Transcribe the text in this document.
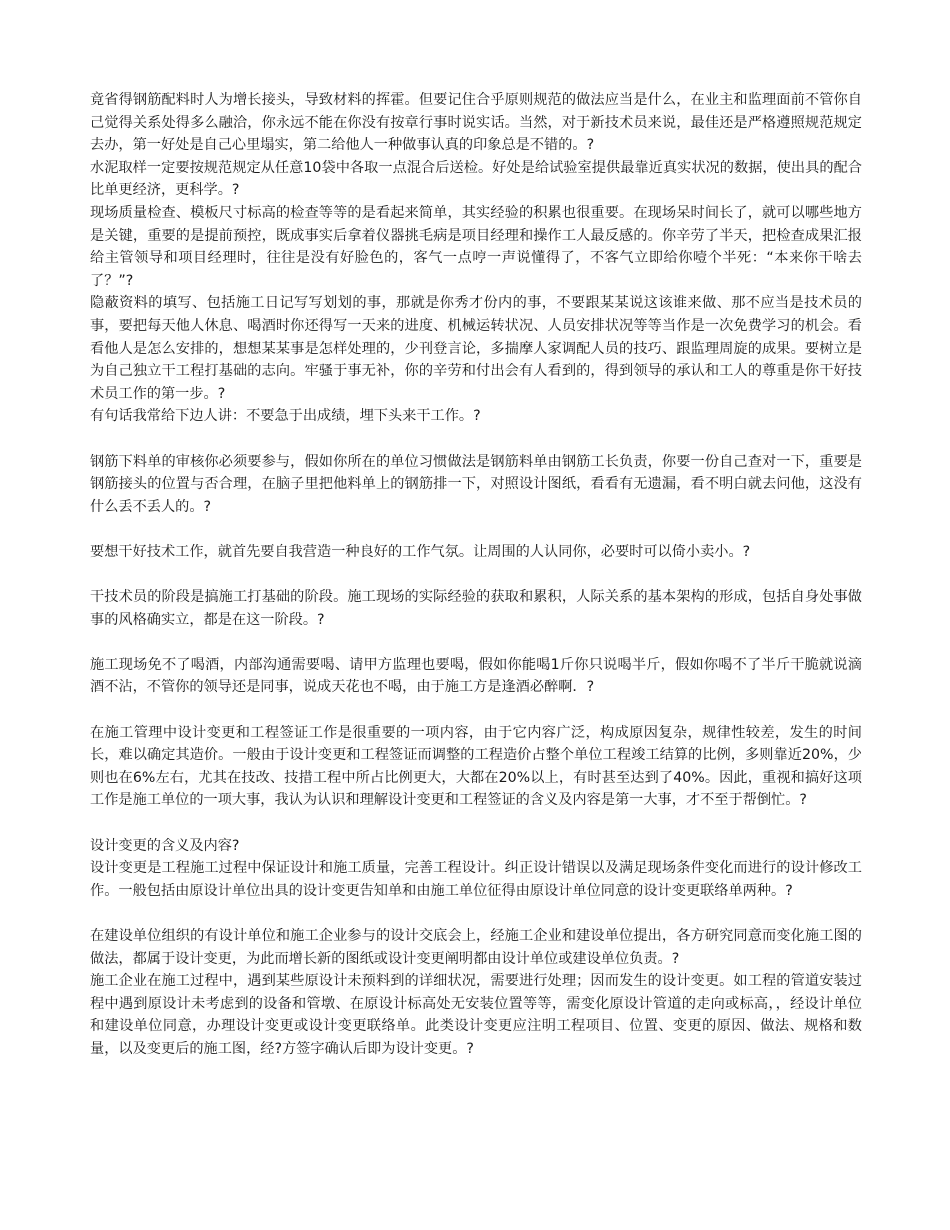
竟省得钢筋配料时人为增长接头，导致材料的挥霍。但要记住合乎原则规范的做法应当是什么，在业主和监理面前不管你自己觉得关系处得多么融洽，你永远不能在你没有按章行事时说实话。当然，对于新技术员来说，最佳还是严格遵照规范规定去办，第一好处是自己心里塌实，第二给他人一种做事认真的印象总是不错的。?

水泥取样一定要按规范规定从任意10袋中各取一点混合后送检。好处是给试验室提供最靠近真实状况的数据，使出具的配合比单更经济，更科学。?

现场质量检查、模板尺寸标高的检查等等的是看起来简单，其实经验的积累也很重要。在现场呆时间长了，就可以哪些地方是关键，重要的是提前预控，既成事实后拿着仪器挑毛病是项目经理和操作工人最反感的。你辛劳了半天，把检查成果汇报给主管领导和项目经理时，往往是没有好脸色的，客气一点哼一声说懂得了，不客气立即给你噎个半死：“本来你干啥去了？”?

隐蔽资料的填写、包括施工日记写写划划的事，那就是你秀才份内的事，不要跟某某说这该谁来做、那不应当是技术员的事，要把每天他人休息、喝酒时你还得写一天来的进度、机械运转状况、人员安排状况等等当作是一次免费学习的机会。看看他人是怎么安排的，想想某某事是怎样处理的，少刊登言论，多揣摩人家调配人员的技巧、跟监理周旋的成果。要树立是为自己独立干工程打基础的志向。牢骚于事无补，你的辛劳和付出会有人看到的，得到领导的承认和工人的尊重是你干好技术员工作的第一步。?

有句话我常给下边人讲：不要急于出成绩，埋下头来干工作。?

钢筋下料单的审核你必须要参与，假如你所在的单位习惯做法是钢筋料单由钢筋工长负责，你要一份自己查对一下，重要是钢筋接头的位置与否合理，在脑子里把他料单上的钢筋排一下，对照设计图纸，看看有无遗漏，看不明白就去问他，这没有什么丢不丢人的。?

要想干好技术工作，就首先要自我营造一种良好的工作气氛。让周围的人认同你，必要时可以倚小卖小。?

干技术员的阶段是搞施工打基础的阶段。施工现场的实际经验的获取和累积，人际关系的基本架构的形成，包括自身处事做事的风格确实立，都是在这一阶段。?

施工现场免不了喝酒，内部沟通需要喝、请甲方监理也要喝，假如你能喝1斤你只说喝半斤，假如你喝不了半斤干脆就说滴酒不沾，不管你的领导还是同事，说成天花也不喝，由于施工方是逢酒必醉啊．?

在施工管理中设计变更和工程签证工作是很重要的一项内容，由于它内容广泛，构成原因复杂，规律性较差，发生的时间长，难以确定其造价。一般由于设计变更和工程签证而调整的工程造价占整个单位工程竣工结算的比例，多则靠近20%，少则也在6%左右，尤其在技改、技措工程中所占比例更大，大都在20%以上，有时甚至达到了40%。因此，重视和搞好这项工作是施工单位的一项大事，我认为认识和理解设计变更和工程签证的含义及内容是第一大事，才不至于帮倒忙。?

设计变更的含义及内容?

设计变更是工程施工过程中保证设计和施工质量，完善工程设计。纠正设计错误以及满足现场条件变化而进行的设计修改工作。一般包括由原设计单位出具的设计变更告知单和由施工单位征得由原设计单位同意的设计变更联络单两种。?

在建设单位组织的有设计单位和施工企业参与的设计交底会上，经施工企业和建设单位提出，各方研究同意而变化施工图的做法，都属于设计变更，为此而增长新的图纸或设计变更阐明都由设计单位或建设单位负责。?

施工企业在施工过程中，遇到某些原设计未预料到的详细状况，需要进行处理；因而发生的设计变更。如工程的管道安装过程中遇到原设计未考虑到的设备和管墩、在原设计标高处无安装位置等等，需变化原设计管道的走向或标高，，经设计单位和建设单位同意，办理设计变更或设计变更联络单。此类设计变更应注明工程项目、位置、变更的原因、做法、规格和数量，以及变更后的施工图，经?方签字确认后即为设计变更。?
